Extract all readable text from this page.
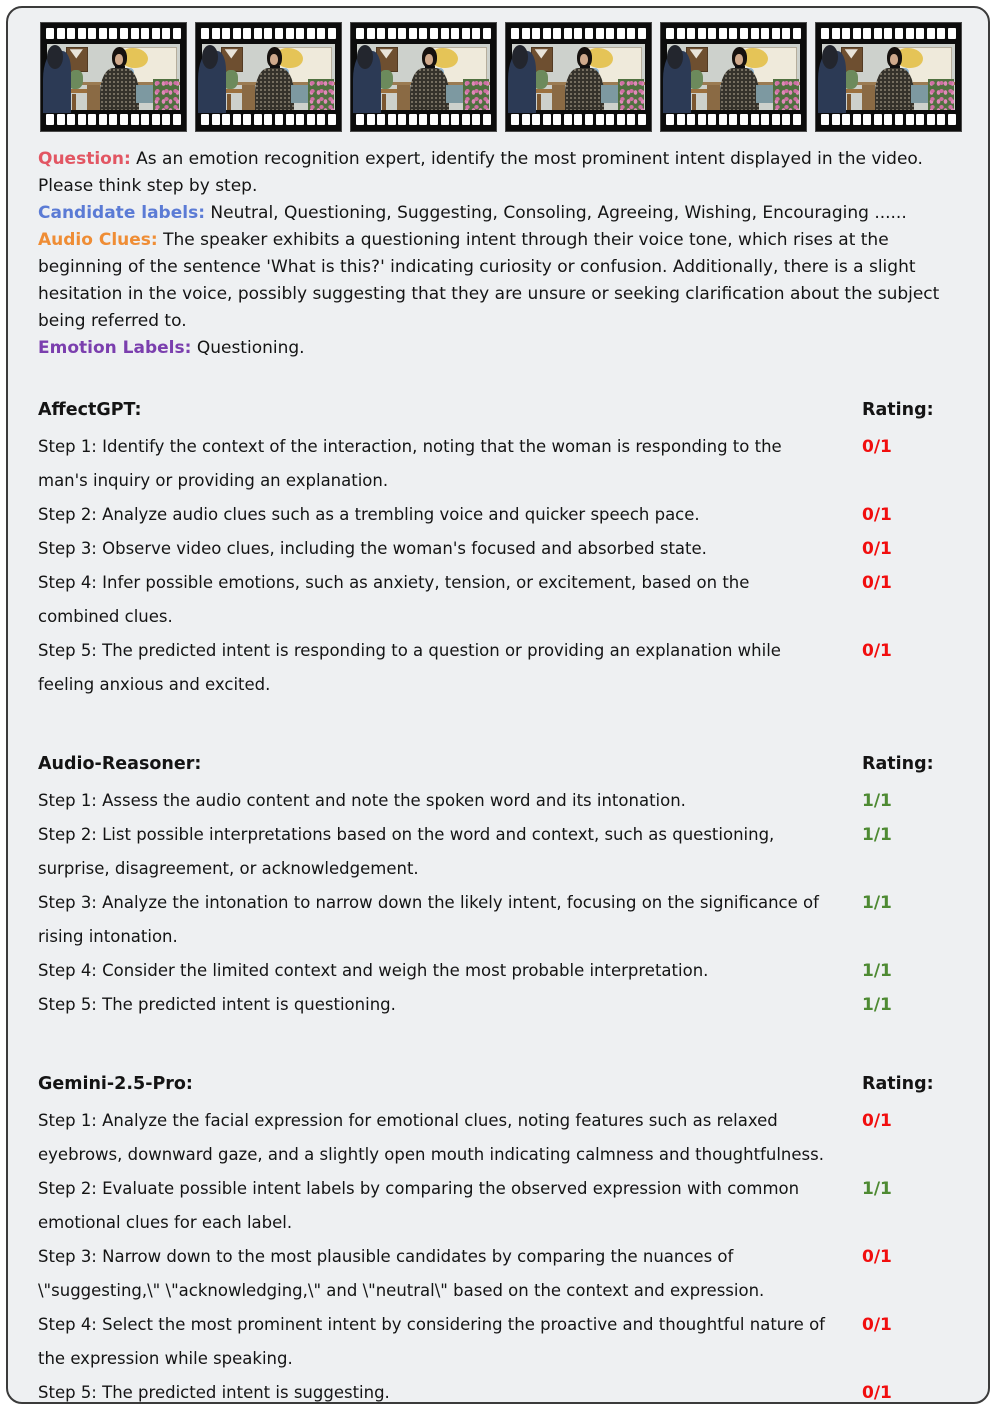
Question: As an emotion recognition expert, identify the most prominent intent displayed in the video. Please think step by step.

Candidate labels: Neutral, Questioning, Suggesting, Consoling, Agreeing, Wishing, Encouraging ......

Audio Clues: The speaker exhibits a questioning intent through their voice tone, which rises at the beginning of the sentence 'What is this?' indicating curiosity or confusion. Additionally, there is a slight hesitation in the voice, possibly suggesting that they are unsure or seeking clarification about the subject being referred to.

Emotion Labels: Questioning.

AffectGPT:	Rating:
Step 1: Identify the context of the interaction, noting that the woman is responding to the man's inquiry or providing an explanation.
0/1
Step 2: Analyze audio clues such as a trembling voice and quicker speech pace.	0/1
Step 3: Observe video clues, including the woman's focused and absorbed state.	0/1
Step 4: Infer possible emotions, such as anxiety, tension, or excitement, based on the combined clues.
0/1
Step 5: The predicted intent is responding to a question or providing an explanation while feeling anxious and excited.
0/1
Audio-Reasoner:	Rating:
Step 1: Assess the audio content and note the spoken word and its intonation.	1/1
Step 2: List possible interpretations based on the word and context, such as questioning, surprise, disagreement, or acknowledgement.
1/1
Step 3: Analyze the intonation to narrow down the likely intent, focusing on the significance of rising intonation.
1/1
Step 4: Consider the limited context and weigh the most probable interpretation.	1/1
Step 5: The predicted intent is questioning.	1/1
Gemini-2.5-Pro:	Rating:
Step 1: Analyze the facial expression for emotional clues, noting features such as relaxed eyebrows, downward gaze, and a slightly open mouth indicating calmness and thoughtfulness.
0/1
Step 2: Evaluate possible intent labels by comparing the observed expression with common emotional clues for each label.
1/1
Step 3: Narrow down to the most plausible candidates by comparing the nuances of \"suggesting,\" \"acknowledging,\" and \"neutral\" based on the context and expression.
0/1
Step 4: Select the most prominent intent by considering the proactive and thoughtful nature of the expression while speaking.
0/1
Step 5: The predicted intent is suggesting.	0/1
